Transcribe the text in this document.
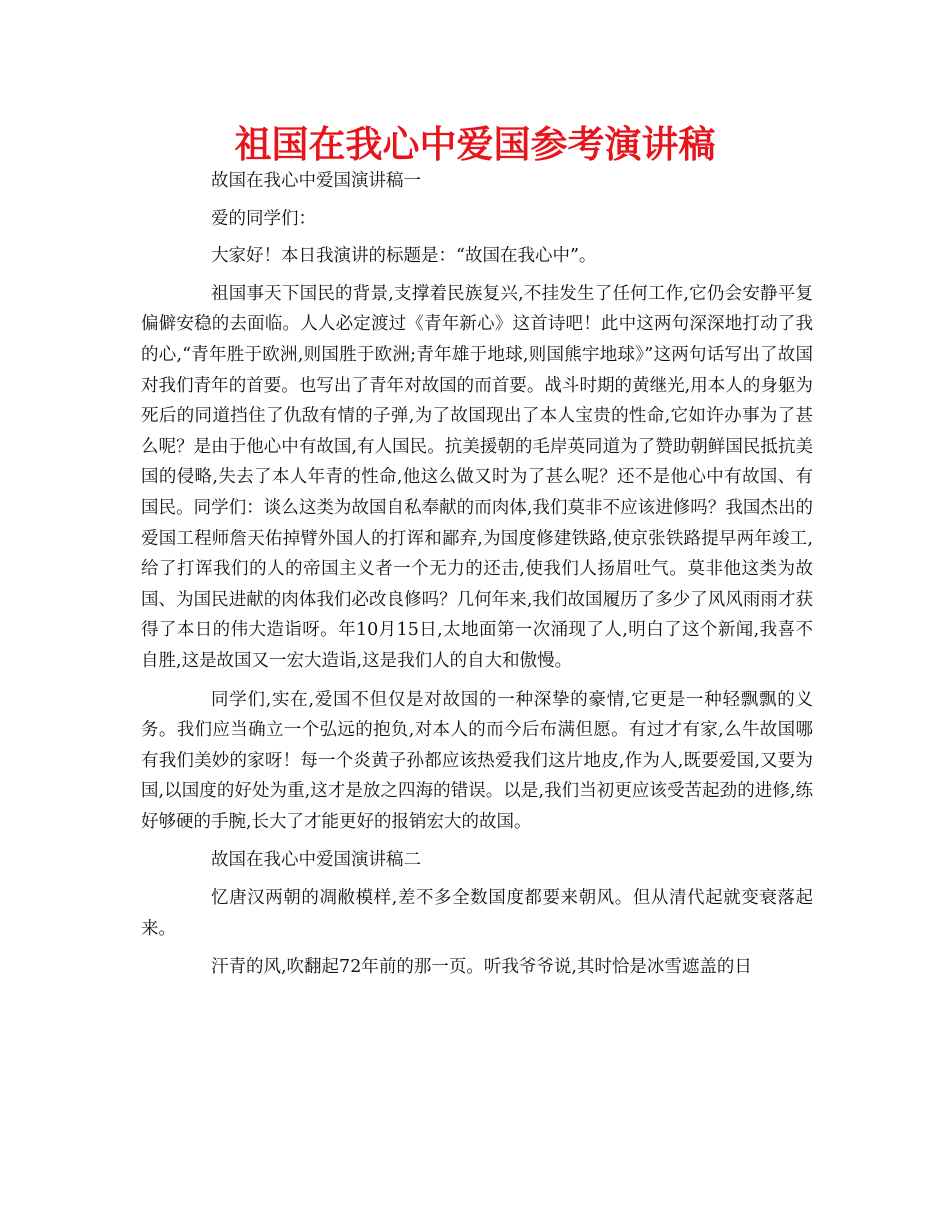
祖国在我心中爱国参考演讲稿

故国在我心中爱国演讲稿一

爱的同学们：

大家好！本日我演讲的标题是：“故国在我心中”。

祖国事天下国民的背景,支撑着民族复兴,不挂发生了任何工作,它仍会安静平复偏僻安稳的去面临。人人必定渡过《青年新心》这首诗吧！此中这两句深深地打动了我的心,“青年胜于欧洲,则国胜于欧洲;青年雄于地球,则国熊宇地球》”这两句话写出了故国对我们青年的首要。也写出了青年对故国的而首要。战斗时期的黄继光,用本人的身躯为死后的同道挡住了仇敌有情的子弹,为了故国现出了本人宝贵的性命,它如许办事为了甚么呢？是由于他心中有故国,有人国民。抗美援朝的毛岸英同道为了赞助朝鲜国民抵抗美国的侵略,失去了本人年青的性命,他这么做又时为了甚么呢？还不是他心中有故国、有国民。同学们：谈么这类为故国自私奉献的而肉体,我们莫非不应该进修吗？我国杰出的爱国工程师詹天佑掉臂外国人的打诨和鄙弃,为国度修建铁路,使京张铁路提早两年竣工,给了打诨我们的人的帝国主义者一个无力的还击,使我们人扬眉吐气。莫非他这类为故国、为国民进献的肉体我们必改良修吗？几何年来,我们故国履历了多少了风风雨雨才获得了本日的伟大造诣呀。年10月15日,太地面第一次涌现了人,明白了这个新闻,我喜不自胜,这是故国又一宏大造诣,这是我们人的自大和傲慢。

同学们,实在,爱国不但仅是对故国的一种深挚的豪情,它更是一种轻飘飘的义务。我们应当确立一个弘远的抱负,对本人的而今后布满但愿。有过才有家,么牛故国哪有我们美妙的家呀！每一个炎黄子孙都应该热爱我们这片地皮,作为人,既要爱国,又要为国,以国度的好处为重,这才是放之四海的错误。以是,我们当初更应该受苦起劲的进修,练好够硬的手腕,长大了才能更好的报销宏大的故国。

故国在我心中爱国演讲稿二

忆唐汉两朝的凋敝模样,差不多全数国度都要来朝风。但从清代起就变衰落起来。

汗青的风,吹翻起72年前的那一页。听我爷爷说,其时恰是冰雪遮盖的日
